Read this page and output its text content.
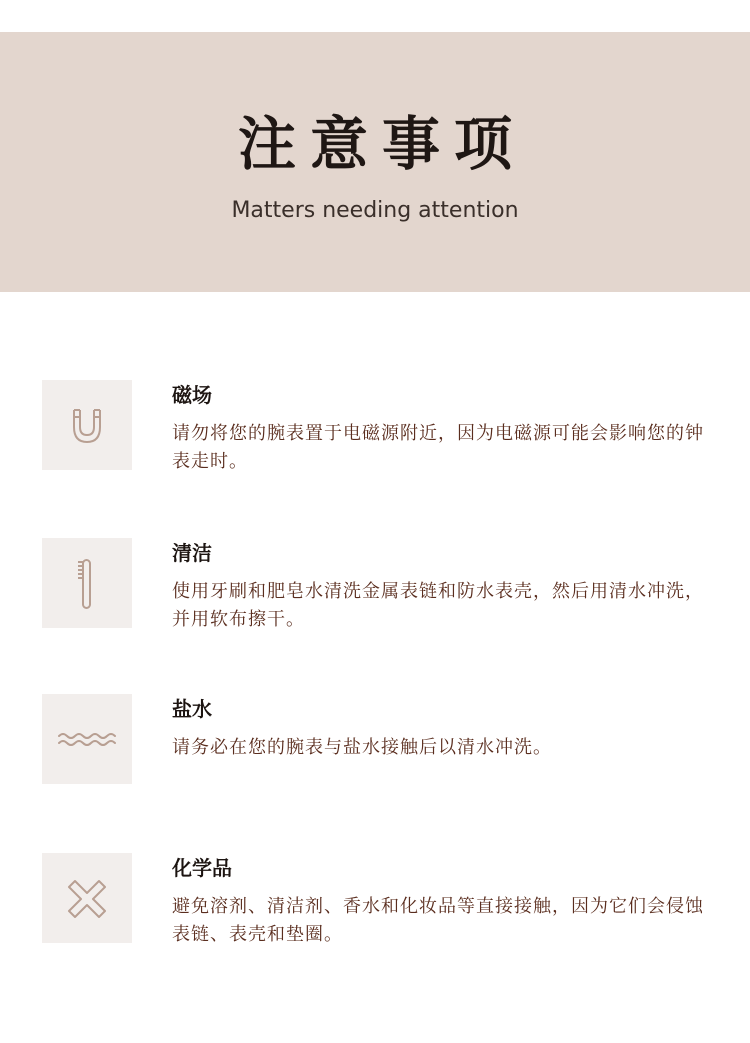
注意事项
Matters needing attention
磁场
请勿将您的腕表置于电磁源附近，因为电磁源可能会影响您的钟表走时。
清洁
使用牙刷和肥皂水清洗金属表链和防水表壳，然后用清水冲洗，并用软布擦干。
盐水
请务必在您的腕表与盐水接触后以清水冲洗。
化学品
避免溶剂、清洁剂、香水和化妆品等直接接触，因为它们会侵蚀表链、表壳和垫圈。
